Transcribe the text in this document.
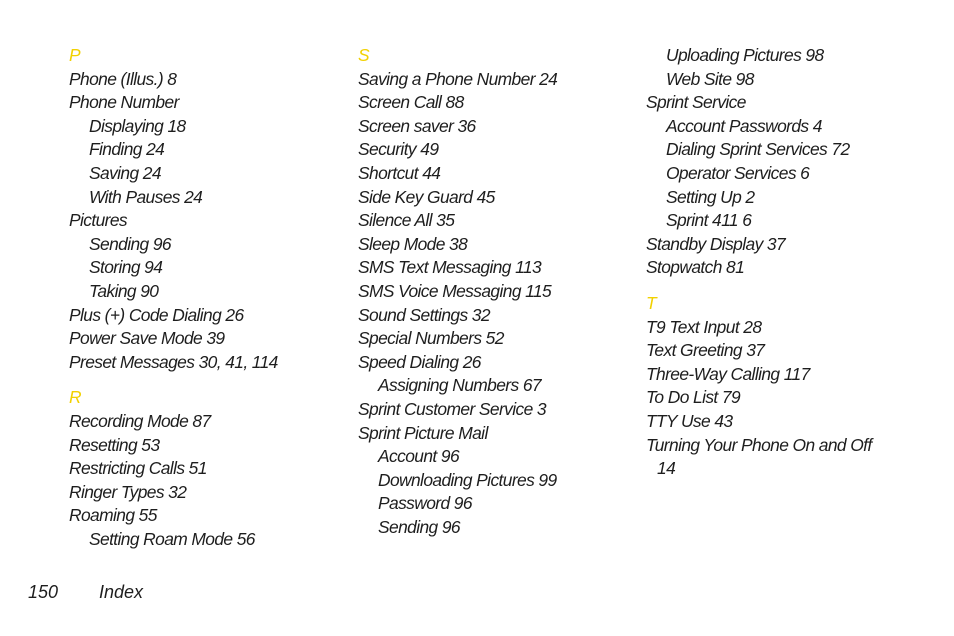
P
Phone (Illus.) 8
Phone Number
Displaying 18
Finding 24
Saving 24
With Pauses 24
Pictures
Sending 96
Storing 94
Taking 90
Plus (+) Code Dialing 26
Power Save Mode 39
Preset Messages 30, 41, 114
R
Recording Mode 87
Resetting 53
Restricting Calls 51
Ringer Types 32
Roaming 55
Setting Roam Mode 56
S
Saving a Phone Number 24
Screen Call 88
Screen saver 36
Security 49
Shortcut 44
Side Key Guard 45
Silence All 35
Sleep Mode 38
SMS Text Messaging 113
SMS Voice Messaging 115
Sound Settings 32
Special Numbers 52
Speed Dialing 26
Assigning Numbers 67
Sprint Customer Service 3
Sprint Picture Mail
Account 96
Downloading Pictures 99
Password 96
Sending 96
Uploading Pictures 98
Web Site 98
Sprint Service
Account Passwords 4
Dialing Sprint Services 72
Operator Services 6
Setting Up 2
Sprint 411 6
Standby Display 37
Stopwatch 81
T
T9 Text Input 28
Text Greeting 37
Three-Way Calling 117
To Do List 79
TTY Use 43
Turning Your Phone On and Off
14
150 Index
